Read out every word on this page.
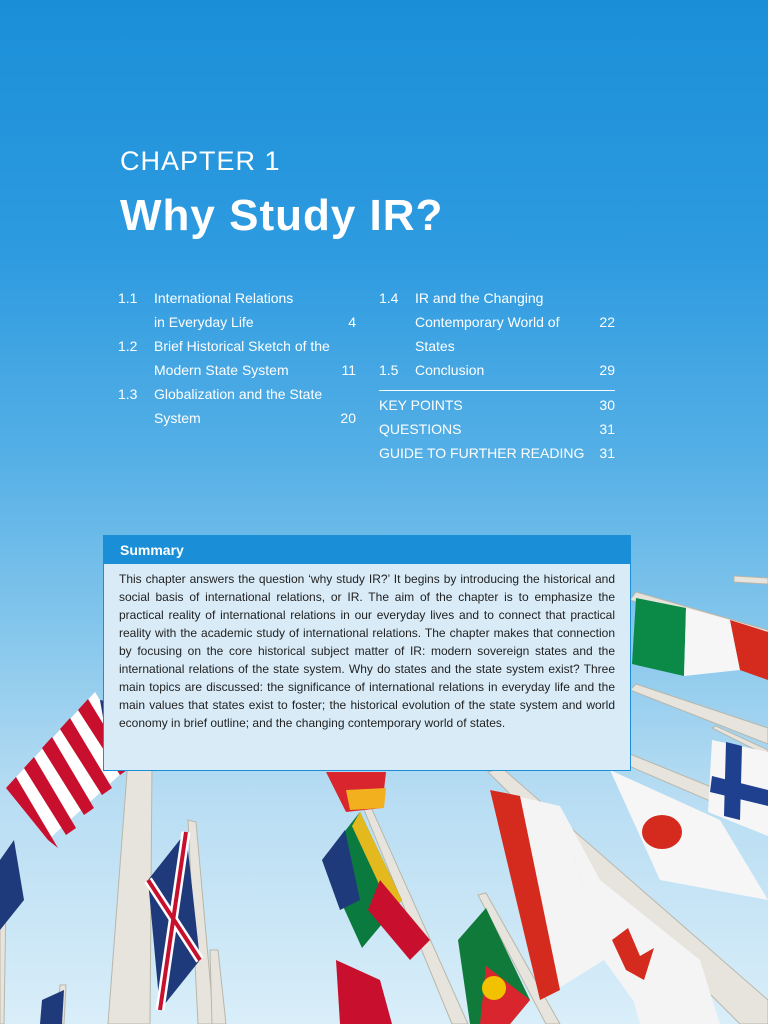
CHAPTER 1
Why Study IR?
1.1	International Relations
in Everyday Life	4
1.2	Brief Historical Sketch of the
Modern State System	11
1.3	Globalization and the State
System	20
1.4	IR and the Changing
Contemporary World of States
22
1.5	Conclusion	29
KEY POINTS	30
QUESTIONS	31
GUIDE TO FURTHER READING 31
Summary
This chapter answers the question ‘why study IR?’ It begins by introducing the historical and social basis of international relations, or IR. The aim of the chapter is to emphasize the practical reality of international relations in our everyday lives and to connect that practical reality with the academic study of international relations. The chapter makes that connection by focusing on the core historical subject matter of IR: modern sovereign states and the international relations of the state system. Why do states and the state system exist? Three main topics are discussed: the significance of international relations in everyday life and the main values that states exist to foster; the historical evolution of the state system and world economy in brief outline; and the changing contemporary world of states.
